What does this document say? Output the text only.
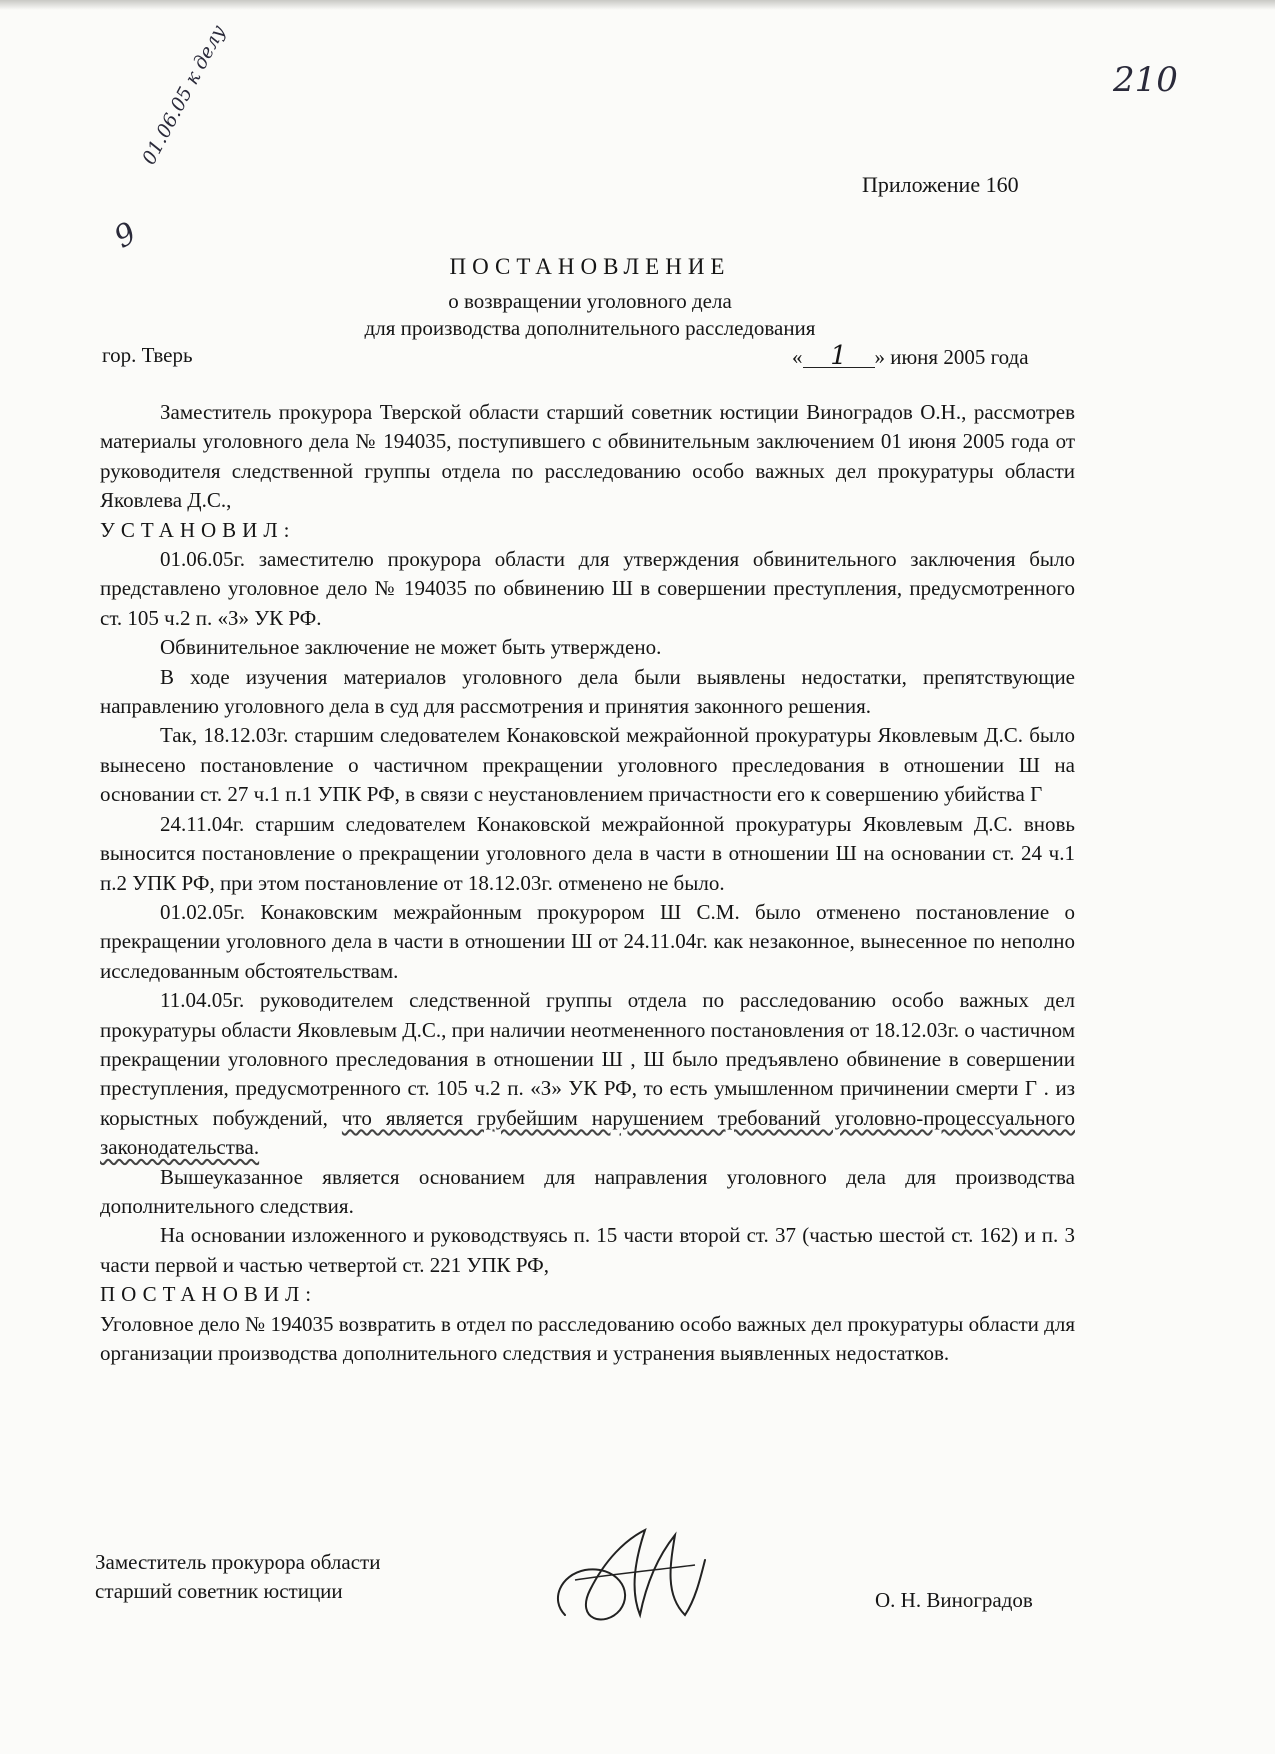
210
01.06.05 к делу
9
Приложение 160
ПОСТАНОВЛЕНИЕ
о возвращении уголовного дела
для производства дополнительного расследования
гор. Тверь	« 1 » июня 2005 года

Заместитель прокурора Тверской области старший советник юстиции Виноградов О.Н., рассмотрев материалы уголовного дела № 194035, поступившего с обвинительным заключением 01 июня 2005 года от руководителя следственной группы отдела по расследованию особо важных дел прокуратуры области Яковлева Д.С.,

УСТАНОВИЛ:

01.06.05г. заместителю прокурора области для утверждения обвинительного заключения было представлено уголовное дело № 194035 по обвинению Ш в совершении преступления, предусмотренного ст. 105 ч.2 п. «З» УК РФ.

Обвинительное заключение не может быть утверждено.

В ходе изучения материалов уголовного дела были выявлены недостатки, препятствующие направлению уголовного дела в суд для рассмотрения и принятия законного решения.

Так, 18.12.03г. старшим следователем Конаковской межрайонной прокуратуры Яковлевым Д.С. было вынесено постановление о частичном прекращении уголовного преследования в отношении Ш на основании ст. 27 ч.1 п.1 УПК РФ, в связи с неустановлением причастности его к совершению убийства Г

24.11.04г. старшим следователем Конаковской межрайонной прокуратуры Яковлевым Д.С. вновь выносится постановление о прекращении уголовного дела в части в отношении Ш на основании ст. 24 ч.1 п.2 УПК РФ, при этом постановление от 18.12.03г. отменено не было.

01.02.05г. Конаковским межрайонным прокурором Ш С.М. было отменено постановление о прекращении уголовного дела в части в отношении Ш от 24.11.04г. как незаконное, вынесенное по неполно исследованным обстоятельствам.

11.04.05г. руководителем следственной группы отдела по расследованию особо важных дел прокуратуры области Яковлевым Д.С., при наличии неотмененного постановления от 18.12.03г. о частичном прекращении уголовного преследования в отношении Ш , Ш было предъявлено обвинение в совершении преступления, предусмотренного ст. 105 ч.2 п. «З» УК РФ, то есть умышленном причинении смерти Г . из корыстных побуждений, что является грубейшим нарушением требований уголовно-процессуального законодательства.

Вышеуказанное является основанием для направления уголовного дела для производства дополнительного следствия.

На основании изложенного и руководствуясь п. 15 части второй ст. 37 (частью шестой ст. 162) и п. 3 части первой и частью четвертой ст. 221 УПК РФ,

ПОСТАНОВИЛ:

Уголовное дело № 194035 возвратить в отдел по расследованию особо важных дел прокуратуры области для организации производства дополнительного следствия и устранения выявленных недостатков.

Заместитель прокурора области
старший советник юстиции	О. Н. Виноградов
